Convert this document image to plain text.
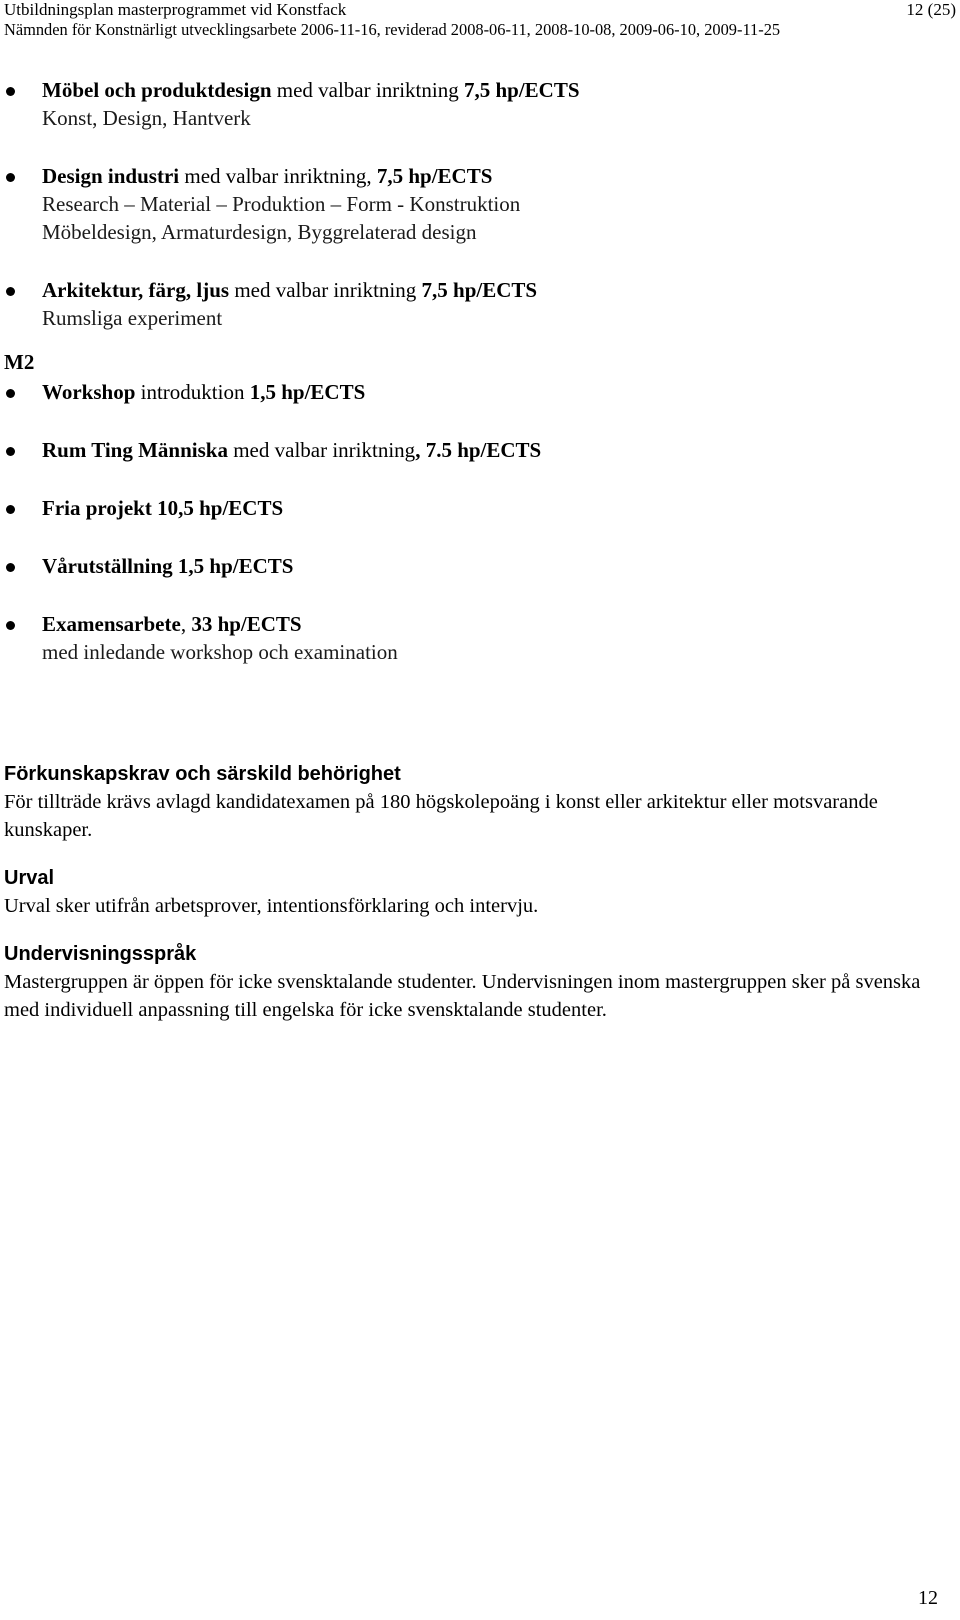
Utbildningsplan masterprogrammet vid Konstfack	12 (25)
Nämnden för Konstnärligt utvecklingsarbete 2006-11-16, reviderad 2008-06-11, 2008-10-08, 2009-06-10, 2009-11-25
Möbel och produktdesign med valbar inriktning 7,5 hp/ECTS
Konst, Design, Hantverk
Design industri med valbar inriktning, 7,5 hp/ECTS
Research – Material – Produktion – Form - Konstruktion
Möbeldesign, Armaturdesign, Byggrelaterad design
Arkitektur, färg, ljus med valbar inriktning 7,5 hp/ECTS
Rumsliga experiment
M2
Workshop introduktion 1,5 hp/ECTS
Rum Ting Människa med valbar inriktning, 7.5 hp/ECTS
Fria projekt 10,5 hp/ECTS
Vårutställning 1,5 hp/ECTS
Examensarbete, 33 hp/ECTS
med inledande workshop och examination
Förkunskapskrav och särskild behörighet

För tillträde krävs avlagd kandidatexamen på 180 högskolepoäng i konst eller arkitektur eller motsvarande kunskaper.

Urval

Urval sker utifrån arbetsprover, intentionsförklaring och intervju.

Undervisningsspråk

Mastergruppen är öppen för icke svensktalande studenter. Undervisningen inom mastergruppen sker på svenska med individuell anpassning till engelska för icke svensktalande studenter.

12
